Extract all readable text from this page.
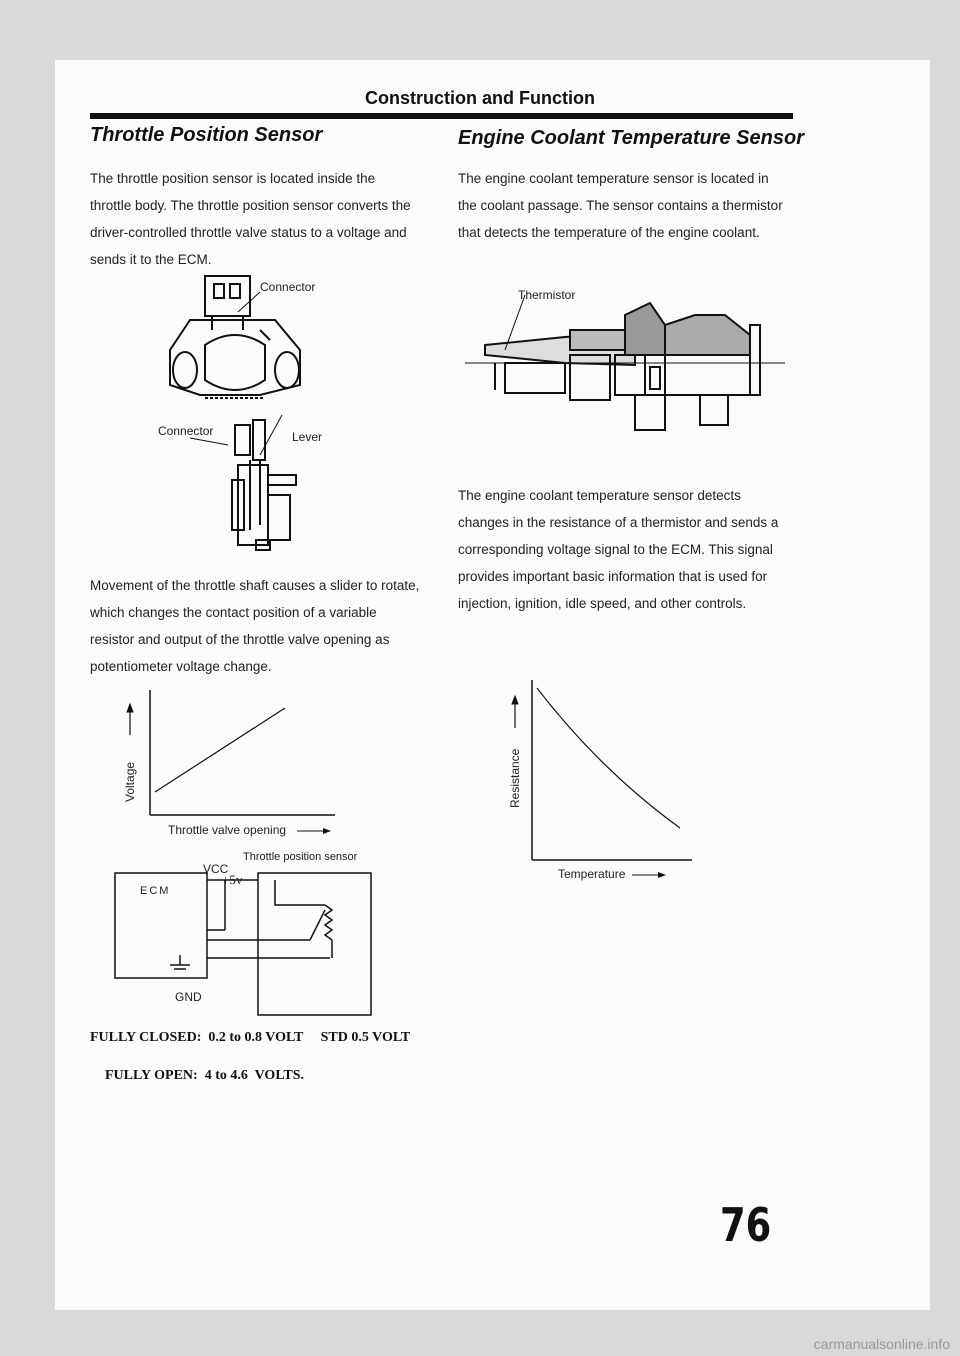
Construction and Function
Throttle Position Sensor
The throttle position sensor is located inside the throttle body. The throttle position sensor converts the driver-controlled throttle valve status to a voltage and sends it to the ECM.
Connector
Connector	Lever
Movement of the throttle shaft causes a slider to rotate, which changes the contact position of a variable resistor and output of the throttle valve opening as potentiometer voltage change.
Voltage
Throttle valve opening
VCC
+5v
Throttle position sensor
ECM
GND
FULLY CLOSED:  0.2 to 0.8 VOLT     STD 0.5 VOLT
FULLY OPEN:  4 to 4.6  VOLTS.
Engine Coolant Temperature Sensor
The engine coolant temperature sensor is located in the coolant passage. The sensor contains a thermistor that detects the temperature of the engine coolant.
Thermistor
The engine coolant temperature sensor detects changes in the resistance of a thermistor and sends a corresponding voltage signal to the ECM. This signal provides important basic information that is used for injection, ignition, idle speed, and other controls.
Resistance
Temperature
76
carmanualsonline.info
